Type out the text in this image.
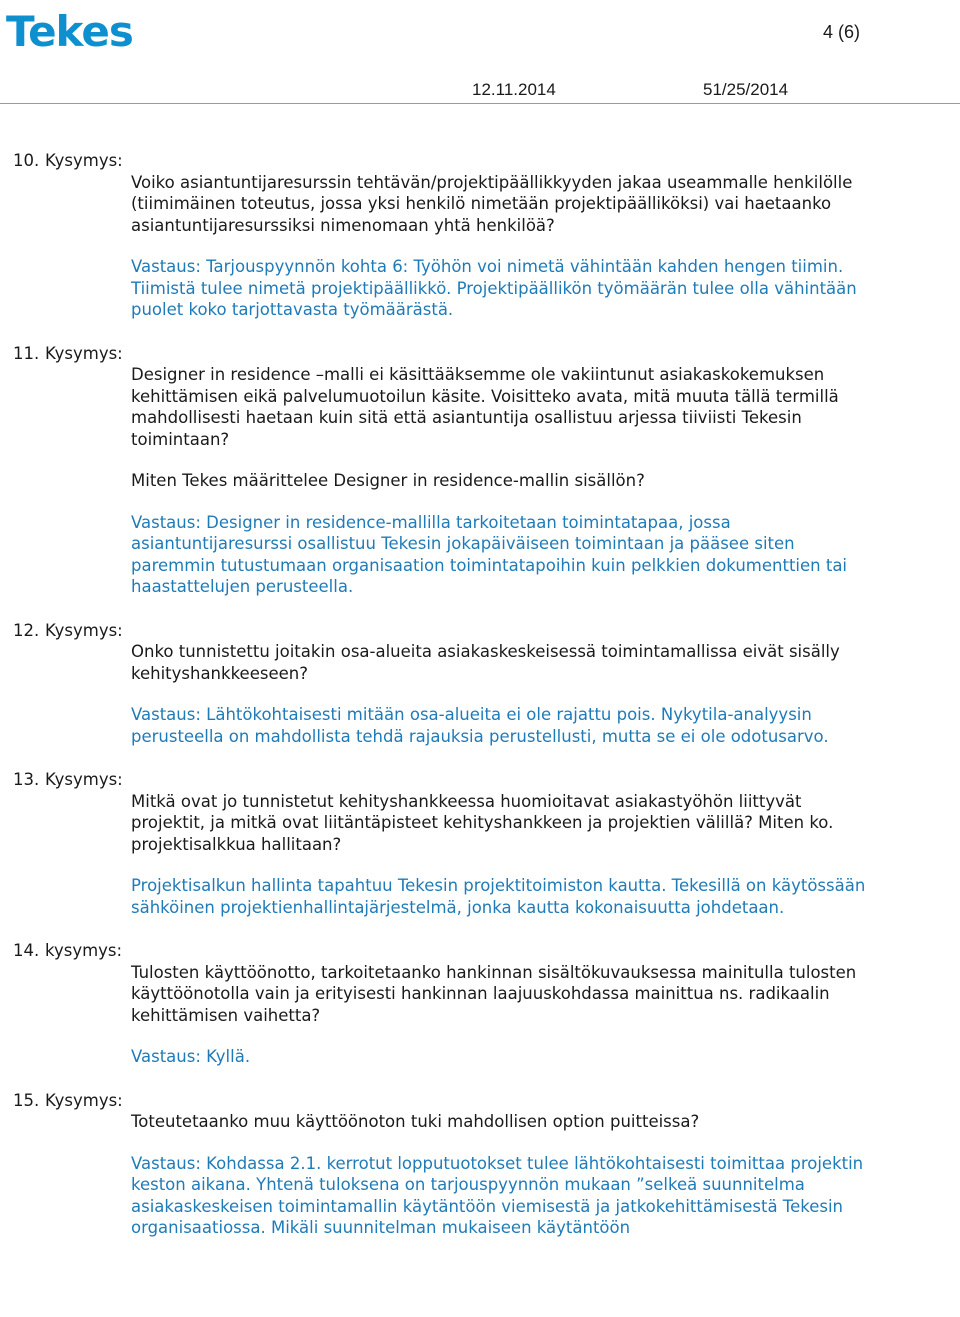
Tekes	4 (6)
12.11.2014	51/25/2014
10. Kysymys:
Voiko asiantuntijaresurssin tehtävän/projektipäällikkyyden jakaa useammalle henkilölle (tiimimäinen toteutus, jossa yksi henkilö nimetään projektipäälliköksi) vai haetaanko asiantuntijaresurssiksi nimenomaan yhtä henkilöä?
Vastaus: Tarjouspyynnön kohta 6: Työhön voi nimetä vähintään kahden hengen tiimin. Tiimistä tulee nimetä projektipäällikkö. Projektipäällikön työmäärän tulee olla vähintään puolet koko tarjottavasta työmäärästä.
11. Kysymys:
Designer in residence –malli ei käsittääksemme ole vakiintunut asiakaskokemuksen kehittämisen eikä palvelumuotoilun käsite. Voisitteko avata, mitä muuta tällä termillä mahdollisesti haetaan kuin sitä että asiantuntija osallistuu arjessa tiiviisti Tekesin toimintaan?
Miten Tekes määrittelee Designer in residence-mallin sisällön?
Vastaus: Designer in residence-mallilla tarkoitetaan toimintatapaa, jossa asiantuntijaresurssi osallistuu Tekesin jokapäiväiseen toimintaan ja pääsee siten paremmin tutustumaan organisaation toimintatapoihin kuin pelkkien dokumenttien tai haastattelujen perusteella.
12. Kysymys:
Onko tunnistettu joitakin osa-alueita asiakaskeskeisessä toimintamallissa eivät sisälly kehityshankkeeseen?
Vastaus: Lähtökohtaisesti mitään osa-alueita ei ole rajattu pois. Nykytila-analyysin perusteella on mahdollista tehdä rajauksia perustellusti, mutta se ei ole odotusarvo.
13. Kysymys:
Mitkä ovat jo tunnistetut kehityshankkeessa huomioitavat asiakastyöhön liittyvät projektit, ja mitkä ovat liitäntäpisteet kehityshankkeen ja projektien välillä? Miten ko. projektisalkkua hallitaan?
Projektisalkun hallinta tapahtuu Tekesin projektitoimiston kautta. Tekesillä on käytössään sähköinen projektienhallintajärjestelmä, jonka kautta kokonaisuutta johdetaan.
14. kysymys:
Tulosten käyttöönotto, tarkoitetaanko hankinnan sisältökuvauksessa mainitulla tulosten käyttöönotolla vain ja erityisesti hankinnan laajuuskohdassa mainittua ns. radikaalin kehittämisen vaihetta?
Vastaus: Kyllä.
15. Kysymys:
Toteutetaanko muu käyttöönoton tuki mahdollisen option puitteissa?
Vastaus: Kohdassa 2.1. kerrotut lopputuotokset tulee lähtökohtaisesti toimittaa projektin keston aikana. Yhtenä tuloksena on tarjouspyynnön mukaan ”selkeä suunnitelma asiakaskeskeisen toimintamallin käytäntöön viemisestä ja jatkokehittämisestä Tekesin organisaatiossa. Mikäli suunnitelman mukaiseen käytäntöön
